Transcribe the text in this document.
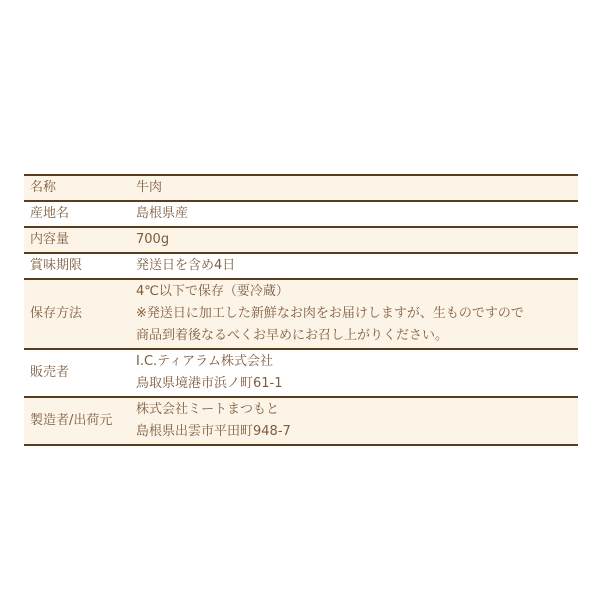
名称	牛肉

産地名	島根県産

内容量	700g

賞味期限	発送日を含め4日

保存方法	4℃以下で保存（要冷蔵）
※発送日に加工した新鮮なお肉をお届けしますが、生ものですので
商品到着後なるべくお早めにお召し上がりください。

販売者	I.C.ティアラム株式会社
鳥取県境港市浜ノ町61-1

製造者/出荷元	株式会社ミートまつもと
島根県出雲市平田町948-7
